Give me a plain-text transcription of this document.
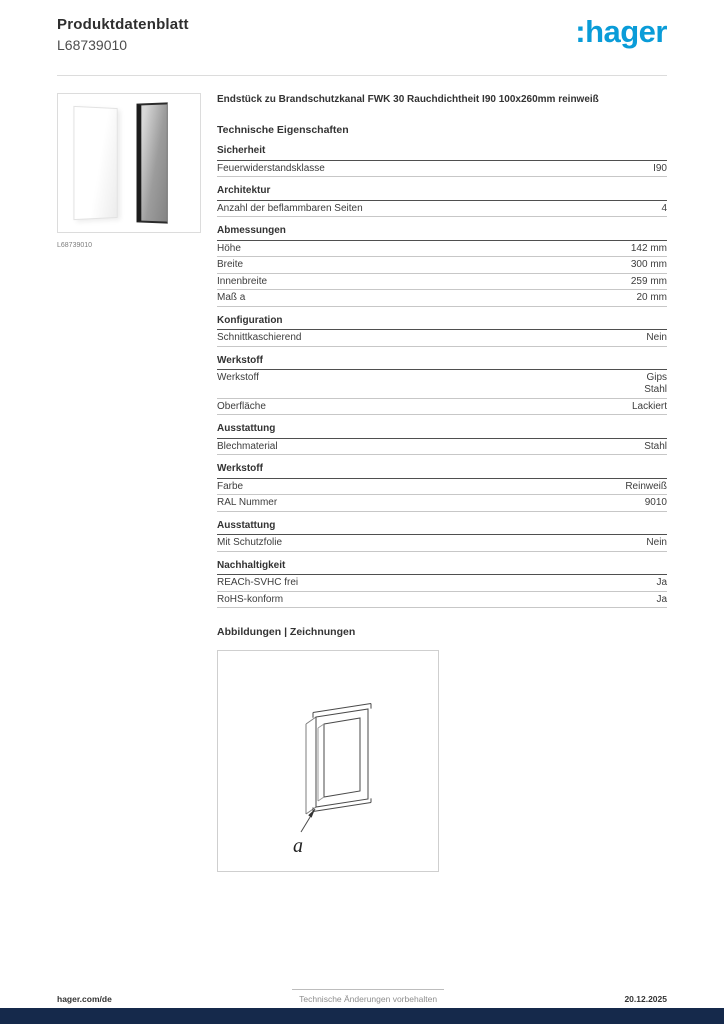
Produktdatenblatt
L68739010	:hager
L68739010
Endstück zu Brandschutzkanal FWK 30 Rauchdichtheit I90 100x260mm reinweiß
Technische Eigenschaften
Sicherheit
Feuerwiderstandsklasse	I90
Architektur
Anzahl der beflammbaren Seiten	4
Abmessungen
Höhe	142 mm
Breite	300 mm
Innenbreite	259 mm
Maß a	20 mm
Konfiguration
Schnittkaschierend	Nein
Werkstoff
Werkstoff	Gips
Stahl
Oberfläche	Lackiert
Ausstattung
Blechmaterial	Stahl
Werkstoff
Farbe	Reinweiß
RAL Nummer	9010
Ausstattung
Mit Schutzfolie	Nein
Nachhaltigkeit
REACh-SVHC frei	Ja
RoHS-konform	Ja
Abbildungen | Zeichnungen
a
hager.com/de	Technische Änderungen vorbehalten	20.12.2025
